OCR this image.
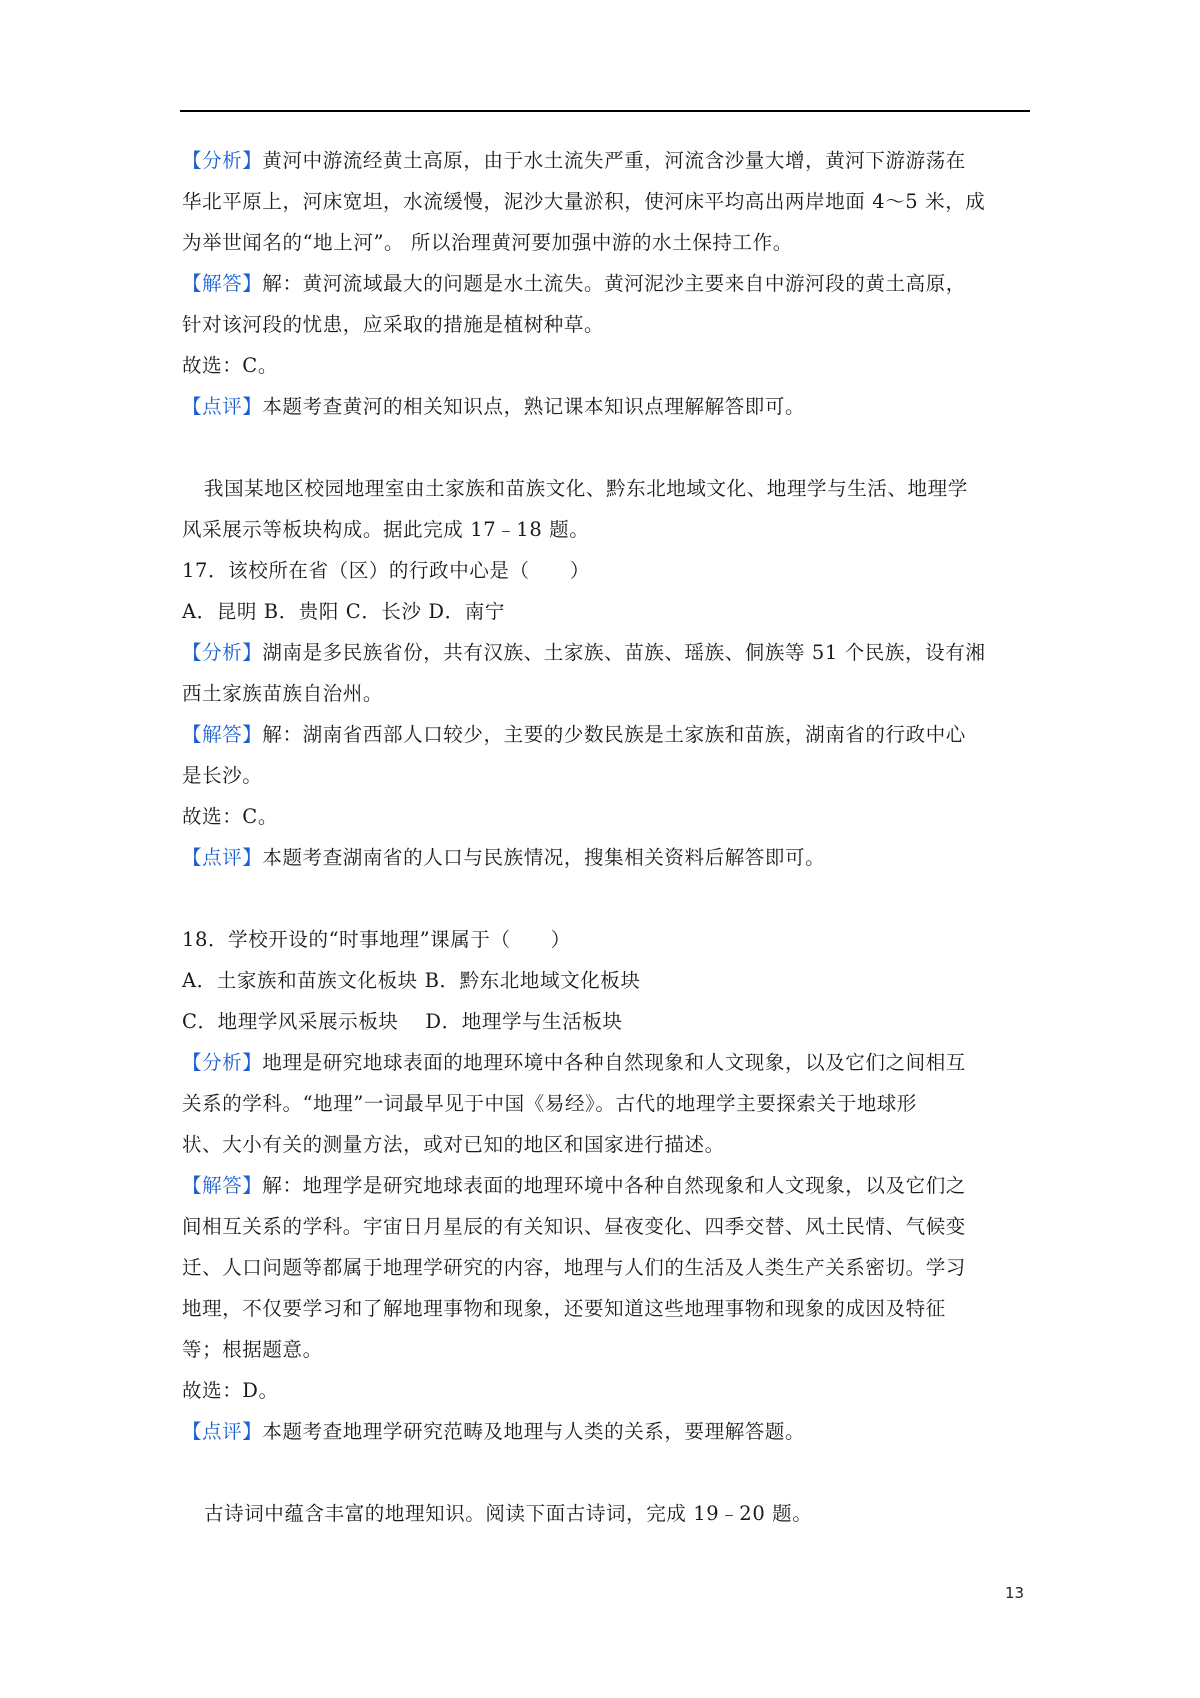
【分析】黄河中游流经黄土高原，由于水土流失严重，河流含沙量大增，黄河下游游荡在
华北平原上，河床宽坦，水流缓慢，泥沙大量淤积，使河床平均高出两岸地面 4～5 米，成
为举世闻名的“地上河”。 所以治理黄河要加强中游的水土保持工作。
【解答】解：黄河流域最大的问题是水土流失。黄河泥沙主要来自中游河段的黄土高原，
针对该河段的忧患，应采取的措施是植树种草。
故选：C。
【点评】本题考查黄河的相关知识点，熟记课本知识点理解解答即可。
我国某地区校园地理室由土家族和苗族文化、黔东北地域文化、地理学与生活、地理学
风采展示等板块构成。据此完成 17﹣18 题。
17．该校所在省（区）的行政中心是（　　）
A．昆明 B．贵阳 C．长沙 D．南宁
【分析】湖南是多民族省份，共有汉族、土家族、苗族、瑶族、侗族等 51 个民族，设有湘
西土家族苗族自治州。
【解答】解：湖南省西部人口较少，主要的少数民族是土家族和苗族，湖南省的行政中心
是长沙。
故选：C。
【点评】本题考查湖南省的人口与民族情况，搜集相关资料后解答即可。
18．学校开设的“时事地理”课属于（　　）
A．土家族和苗族文化板块 B．黔东北地域文化板块
C．地理学风采展示板块　 D．地理学与生活板块
【分析】地理是研究地球表面的地理环境中各种自然现象和人文现象，以及它们之间相互
关系的学科。“地理”一词最早见于中国《易经》。古代的地理学主要探索关于地球形
状、大小有关的测量方法，或对已知的地区和国家进行描述。
【解答】解：地理学是研究地球表面的地理环境中各种自然现象和人文现象，以及它们之
间相互关系的学科。宇宙日月星辰的有关知识、昼夜变化、四季交替、风土民情、气候变
迁、人口问题等都属于地理学研究的内容，地理与人们的生活及人类生产关系密切。学习
地理，不仅要学习和了解地理事物和现象，还要知道这些地理事物和现象的成因及特征
等；根据题意。
故选：D。
【点评】本题考查地理学研究范畴及地理与人类的关系，要理解答题。
古诗词中蕴含丰富的地理知识。阅读下面古诗词，完成 19﹣20 题。
13
